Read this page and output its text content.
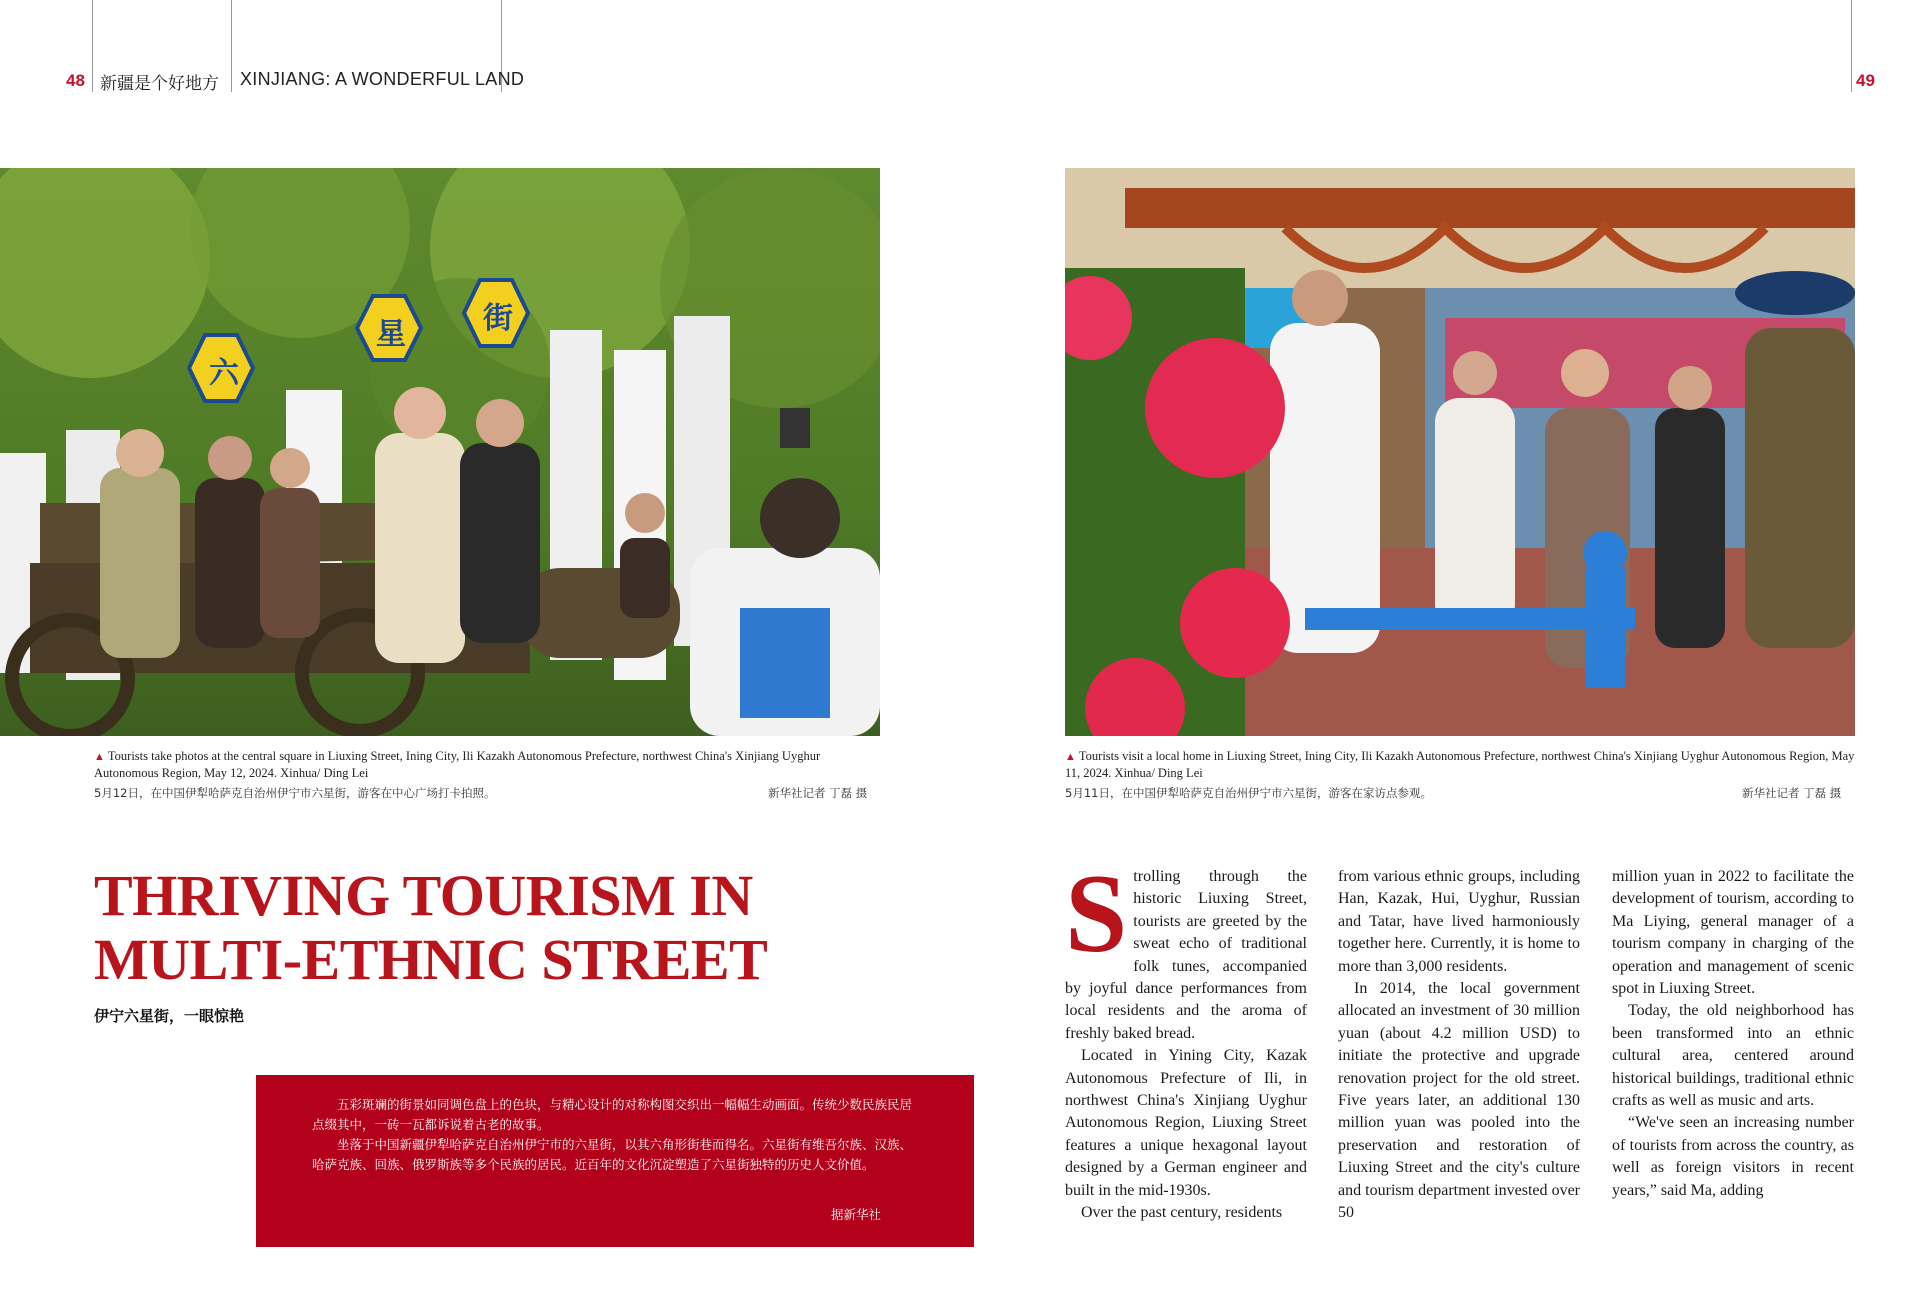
48 新疆是个好地方 XINJIANG: A WONDERFUL LAND	49
六
星	街
▲ Tourists take photos at the central square in Liuxing Street, Ining City, Ili Kazakh Autonomous Prefecture, northwest China's Xinjiang Uyghur Autonomous Region, May 12, 2024. Xinhua/ Ding Lei
5月12日，在中国伊犁哈萨克自治州伊宁市六星街，游客在中心广场打卡拍照。	新华社记者 丁磊 摄
▲ Tourists visit a local home in Liuxing Street, Ining City, Ili Kazakh Autonomous Prefecture, northwest China's Xinjiang Uyghur Autonomous Region, May 11, 2024. Xinhua/ Ding Lei
5月11日，在中国伊犁哈萨克自治州伊宁市六星街，游客在家访点参观。	新华社记者 丁磊 摄
THRIVING TOURISM IN
MULTI-ETHNIC STREET
伊宁六星街，一眼惊艳

五彩斑斓的街景如同调色盘上的色块，与精心设计的对称构图交织出一幅幅生动画面。传统少数民族民居点缀其中，一砖一瓦都诉说着古老的故事。

坐落于中国新疆伊犁哈萨克自治州伊宁市的六星街，以其六角形街巷而得名。六星街有维吾尔族、汉族、哈萨克族、回族、俄罗斯族等多个民族的居民。近百年的文化沉淀塑造了六星街独特的历史人文价值。

据新华社

Strolling through the historic Liuxing Street, tourists are greeted by the sweat echo of traditional folk tunes, accompanied by joyful dance performances from local residents and the aroma of freshly baked bread.

Located in Yining City, Kazak Autonomous Prefecture of Ili, in northwest China's Xinjiang Uyghur Autonomous Region, Liuxing Street features a unique hexagonal layout designed by a German engineer and built in the mid-1930s.

Over the past century, residents

from various ethnic groups, including Han, Kazak, Hui, Uyghur, Russian and Tatar, have lived harmoniously together here. Currently, it is home to more than 3,000 residents.

In 2014, the local government allocated an investment of 30 million yuan (about 4.2 million USD) to initiate the protective and upgrade renovation project for the old street. Five years later, an additional 130 million yuan was pooled into the preservation and restoration of Liuxing Street and the city's culture and tourism department invested over 50

million yuan in 2022 to facilitate the development of tourism, according to Ma Liying, general manager of a tourism company in charging of the operation and management of scenic spot in Liuxing Street.

Today, the old neighborhood has been transformed into an ethnic cultural area, centered around historical buildings, traditional ethnic crafts as well as music and arts.

“We've seen an increasing number of tourists from across the country, as well as foreign visitors in recent years,” said Ma, adding
